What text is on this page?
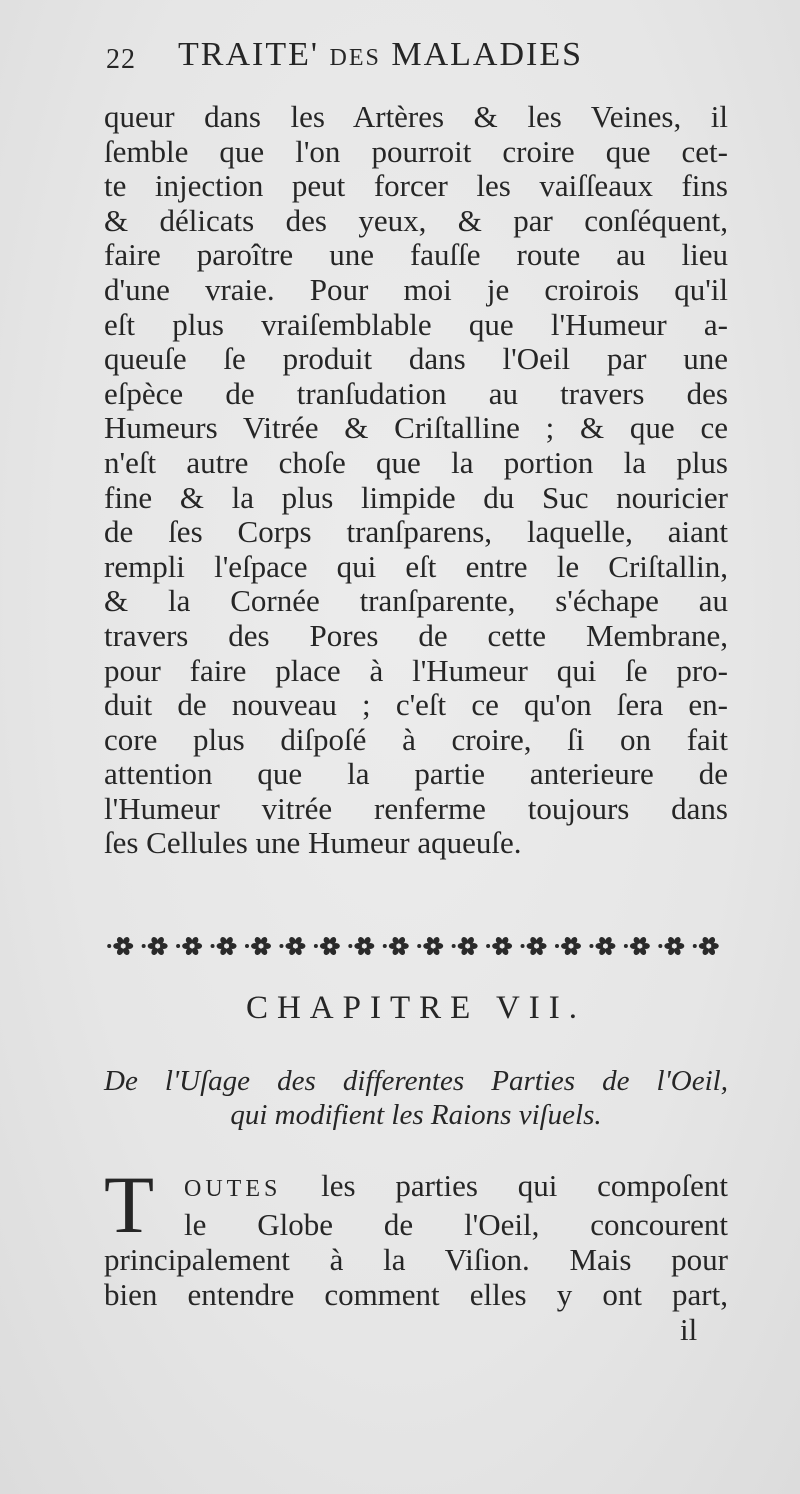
22 TRAITE' DES MALADIES
queur dans les Artères & les Veines, il
ſemble que l'on pourroit croire que cet-
te injection peut forcer les vaiſſeaux fins
& délicats des yeux, & par conſéquent,
faire paroître une fauſſe route au lieu
d'une vraie. Pour moi je croirois qu'il
eſt plus vraiſemblable que l'Humeur a-
queuſe ſe produit dans l'Oeil par une
eſpèce de tranſudation au travers des
Humeurs Vitrée & Criſtalline ; & que ce
n'eſt autre choſe que la portion la plus
fine & la plus limpide du Suc nouricier
de ſes Corps tranſparens, laquelle, aiant
rempli l'eſpace qui eſt entre le Criſtallin,
& la Cornée tranſparente, s'échape au
travers des Pores de cette Membrane,
pour faire place à l'Humeur qui ſe pro-
duit de nouveau ; c'eſt ce qu'on ſera en-
core plus diſpoſé à croire, ſi on fait
attention que la partie anterieure de
l'Humeur vitrée renferme toujours dans
ſes Cellules une Humeur aqueuſe.
CHAPITRE VII.
De l'Uſage des differentes Parties de l'Oeil,
qui modifient les Raions viſuels.
T	OUTES les parties qui compoſent
le Globe de l'Oeil, concourent
principalement à la Viſion. Mais pour
bien entendre comment elles y ont part,
il
